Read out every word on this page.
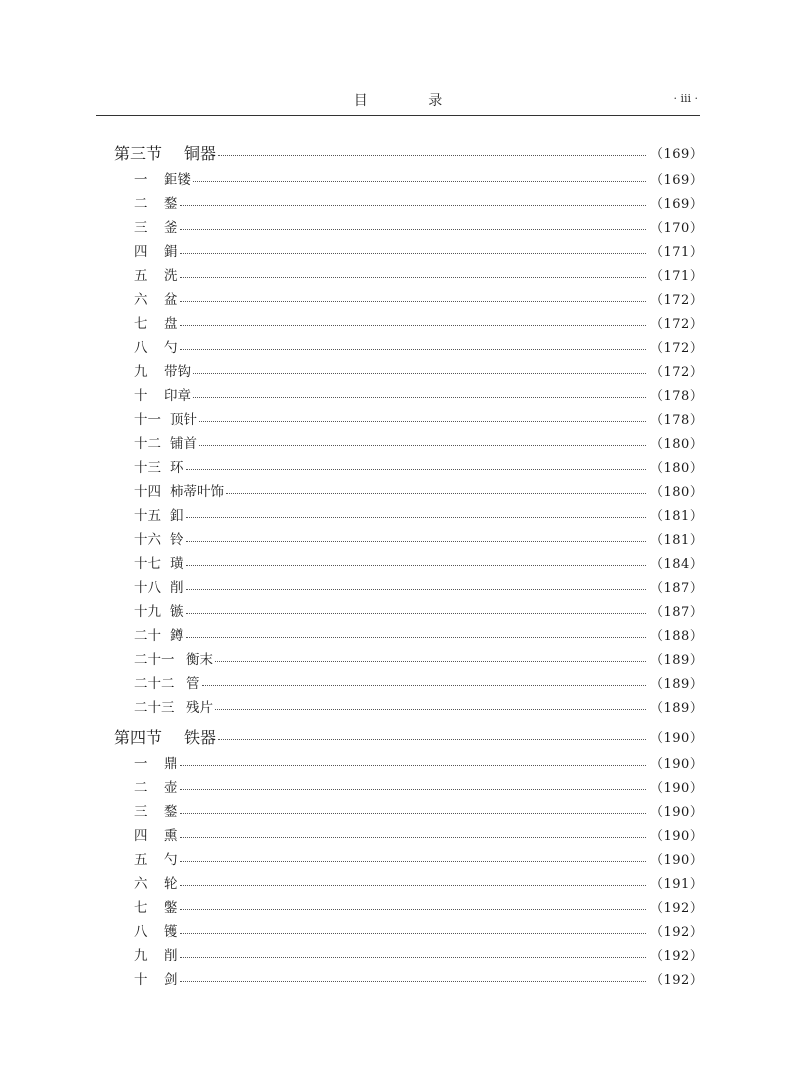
目 录	· iii ·
第三节	铜器	（169）
一	鉅镂	（169）
二	鍪	（169）
三	釜	（170）
四	鋗	（171）
五	洗	（171）
六	盆	（172）
七	盘	（172）
八	勺	（172）
九	带钩	（172）
十	印章	（178）
十一 顶针	（178）
十二 铺首	（180）
十三 环	（180）
十四 柿蒂叶饰	（180）
十五 釦	（181）
十六 铃	（181）
十七 璜	（184）
十八 削	（187）
十九 镞	（187）
二十 鐏	（188）
二十一 衡末	（189）
二十二 管	（189）
二十三 残片	（189）
第四节	铁器	（190）
一	鼎	（190）
二	壶	（190）
三	鍪	（190）
四	熏	（190）
五	勺	（190）
六	轮	（191）
七	鐅	（192）
八	镬	（192）
九	削	（192）
十	剑	（192）
